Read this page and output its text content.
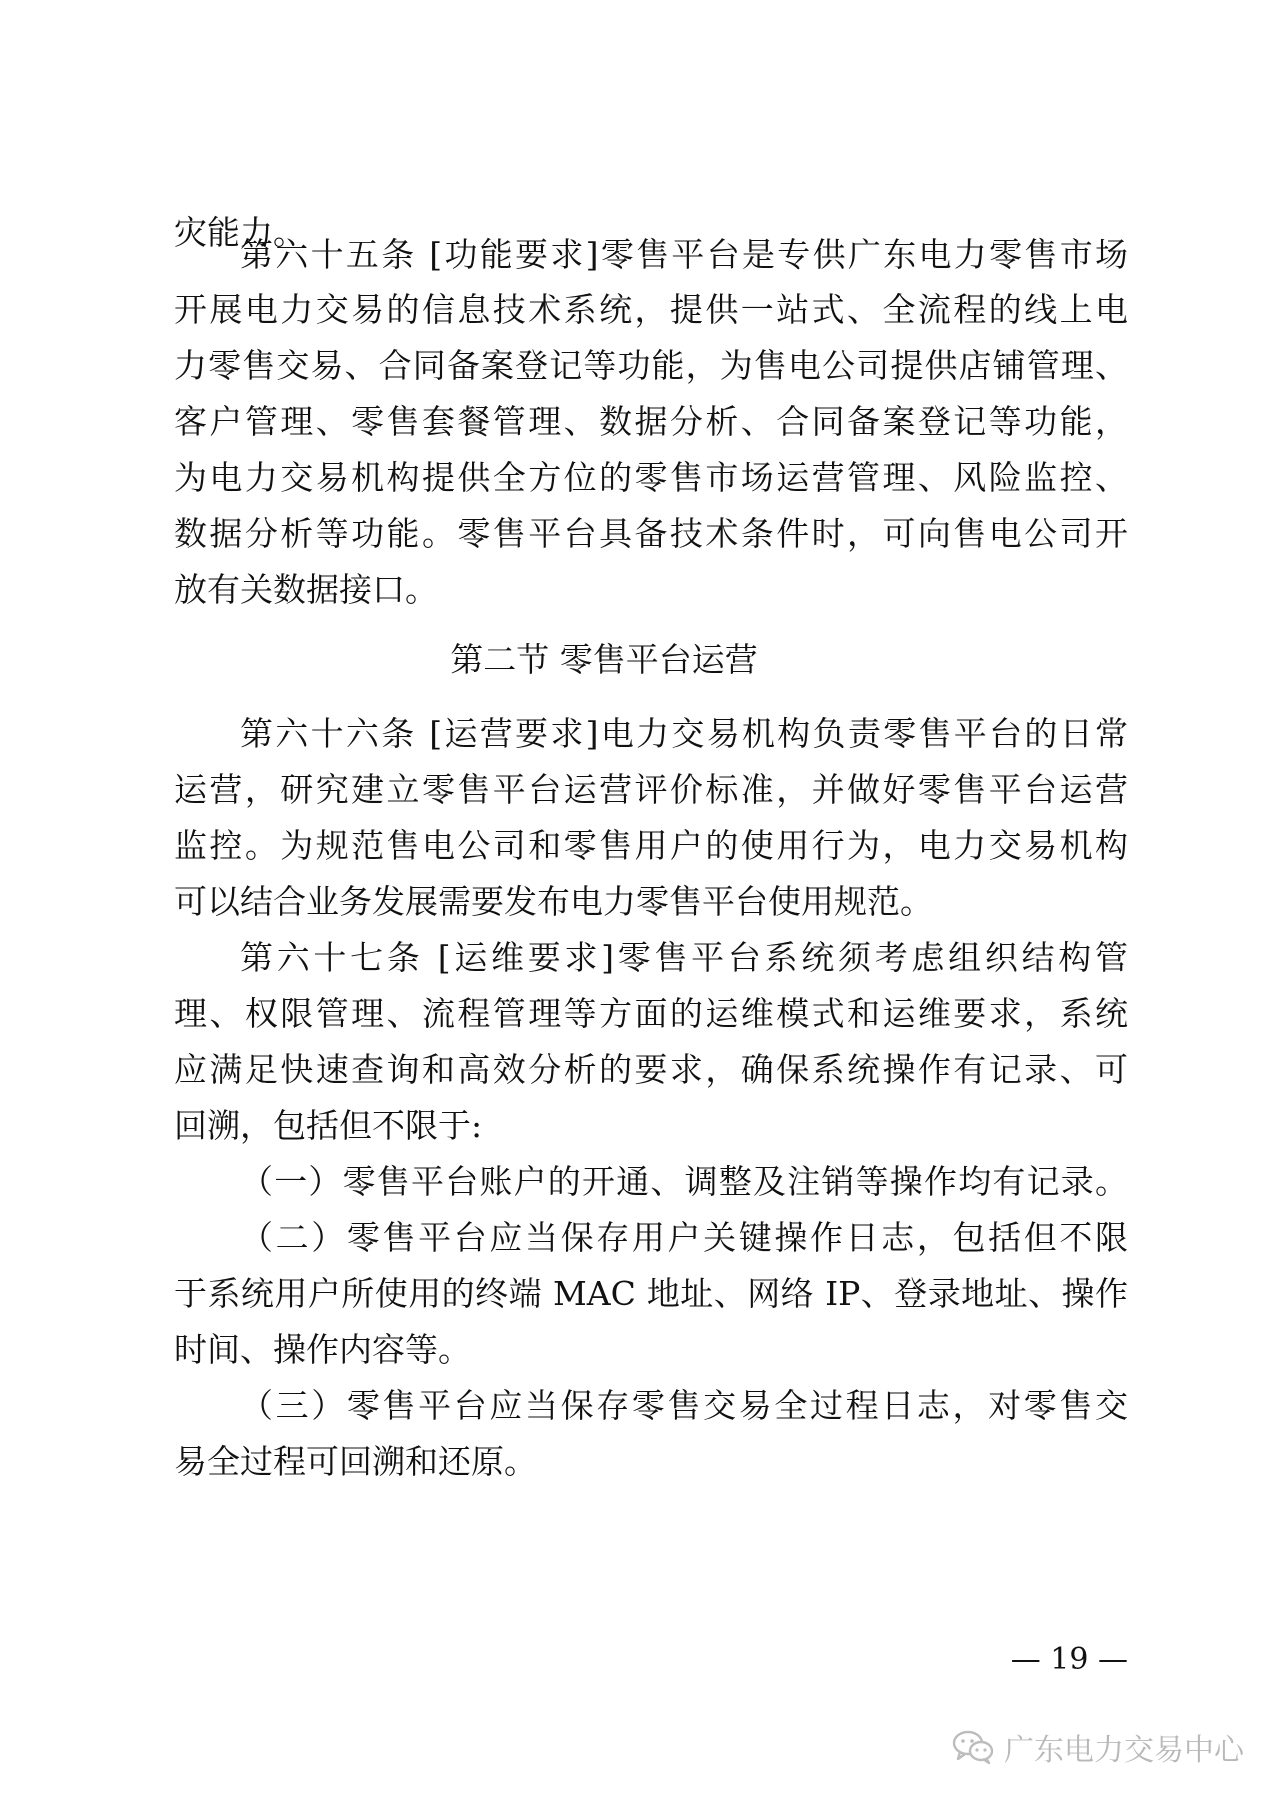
灾能力。
第六十五条 [功能要求]零售平台是专供广东电力零售市场
开展电力交易的信息技术系统，提供一站式、全流程的线上电
力零售交易、合同备案登记等功能，为售电公司提供店铺管理、
客户管理、零售套餐管理、数据分析、合同备案登记等功能，
为电力交易机构提供全方位的零售市场运营管理、风险监控、
数据分析等功能。零售平台具备技术条件时，可向售电公司开
放有关数据接口。
第二节 零售平台运营
第六十六条 [运营要求]电力交易机构负责零售平台的日常
运营，研究建立零售平台运营评价标准，并做好零售平台运营
监控。为规范售电公司和零售用户的使用行为，电力交易机构
可以结合业务发展需要发布电力零售平台使用规范。
第六十七条 [运维要求]零售平台系统须考虑组织结构管
理、权限管理、流程管理等方面的运维模式和运维要求，系统
应满足快速查询和高效分析的要求，确保系统操作有记录、可
回溯，包括但不限于:
（一）零售平台账户的开通、调整及注销等操作均有记录。
（二）零售平台应当保存用户关键操作日志，包括但不限
于系统用户所使用的终端 MAC 地址、网络 IP、登录地址、操作
时间、操作内容等。
（三）零售平台应当保存零售交易全过程日志，对零售交
易全过程可回溯和还原。
— 19 —
广东电力交易中心
